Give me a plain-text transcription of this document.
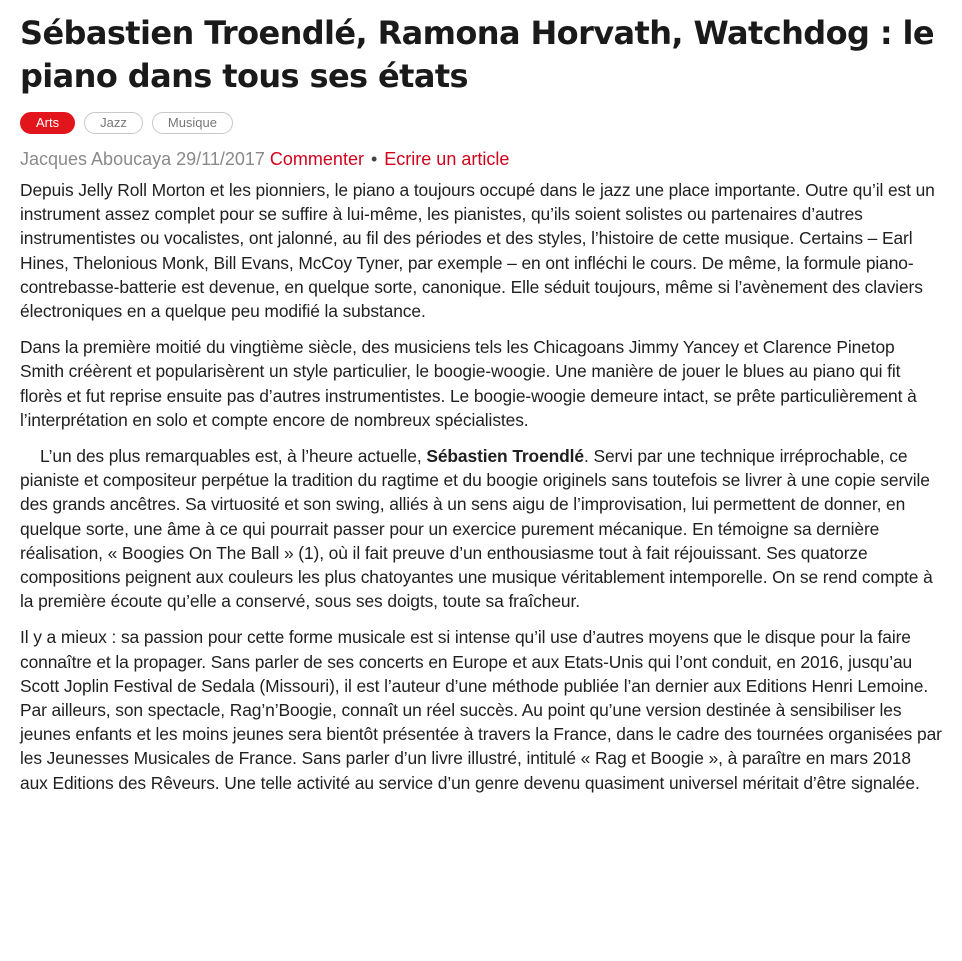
Sébastien Troendlé, Ramona Horvath, Watchdog : le piano dans tous ses états
Arts	Jazz	Musique
Jacques Aboucaya 29/11/2017 Commenter • Ecrire un article

Depuis Jelly Roll Morton et les pionniers, le piano a toujours occupé dans le jazz une place importante. Outre qu’il est un instrument assez complet pour se suffire à lui-même, les pianistes, qu’ils soient solistes ou partenaires d’autres instrumentistes ou vocalistes, ont jalonné, au fil des périodes et des styles, l’histoire de cette musique. Certains – Earl Hines, Thelonious Monk, Bill Evans, McCoy Tyner, par exemple – en ont infléchi le cours. De même, la formule piano-contrebasse-batterie est devenue, en quelque sorte, canonique. Elle séduit toujours, même si l’avènement des claviers électroniques en a quelque peu modifié la substance.

Dans la première moitié du vingtième siècle, des musiciens tels les Chicagoans Jimmy Yancey et Clarence Pinetop Smith créèrent et popularisèrent un style particulier, le boogie-woogie. Une manière de jouer le blues au piano qui fit florès et fut reprise ensuite pas d’autres instrumentistes. Le boogie-woogie demeure intact, se prête particulièrement à l’interprétation en solo et compte encore de nombreux spécialistes.

L’un des plus remarquables est, à l’heure actuelle, Sébastien Troendlé. Servi par une technique irréprochable, ce pianiste et compositeur perpétue la tradition du ragtime et du boogie originels sans toutefois se livrer à une copie servile des grands ancêtres. Sa virtuosité et son swing, alliés à un sens aigu de l’improvisation, lui permettent de donner, en quelque sorte, une âme à ce qui pourrait passer pour un exercice purement mécanique. En témoigne sa dernière réalisation, « Boogies On The Ball » (1), où il fait preuve d’un enthousiasme tout à fait réjouissant. Ses quatorze compositions peignent aux couleurs les plus chatoyantes une musique véritablement intemporelle. On se rend compte à la première écoute qu’elle a conservé, sous ses doigts, toute sa fraîcheur.

Il y a mieux : sa passion pour cette forme musicale est si intense qu’il use d’autres moyens que le disque pour la faire connaître et la propager. Sans parler de ses concerts en Europe et aux Etats-Unis qui l’ont conduit, en 2016, jusqu’au Scott Joplin Festival de Sedala (Missouri), il est l’auteur d’une méthode publiée l’an dernier aux Editions Henri Lemoine. Par ailleurs, son spectacle, Rag’n’Boogie, connaît un réel succès. Au point qu’une version destinée à sensibiliser les jeunes enfants et les moins jeunes sera bientôt présentée à travers la France, dans le cadre des tournées organisées par les Jeunesses Musicales de France. Sans parler d’un livre illustré, intitulé « Rag et Boogie », à paraître en mars 2018 aux Editions des Rêveurs. Une telle activité au service d’un genre devenu quasiment universel méritait d’être signalée.
